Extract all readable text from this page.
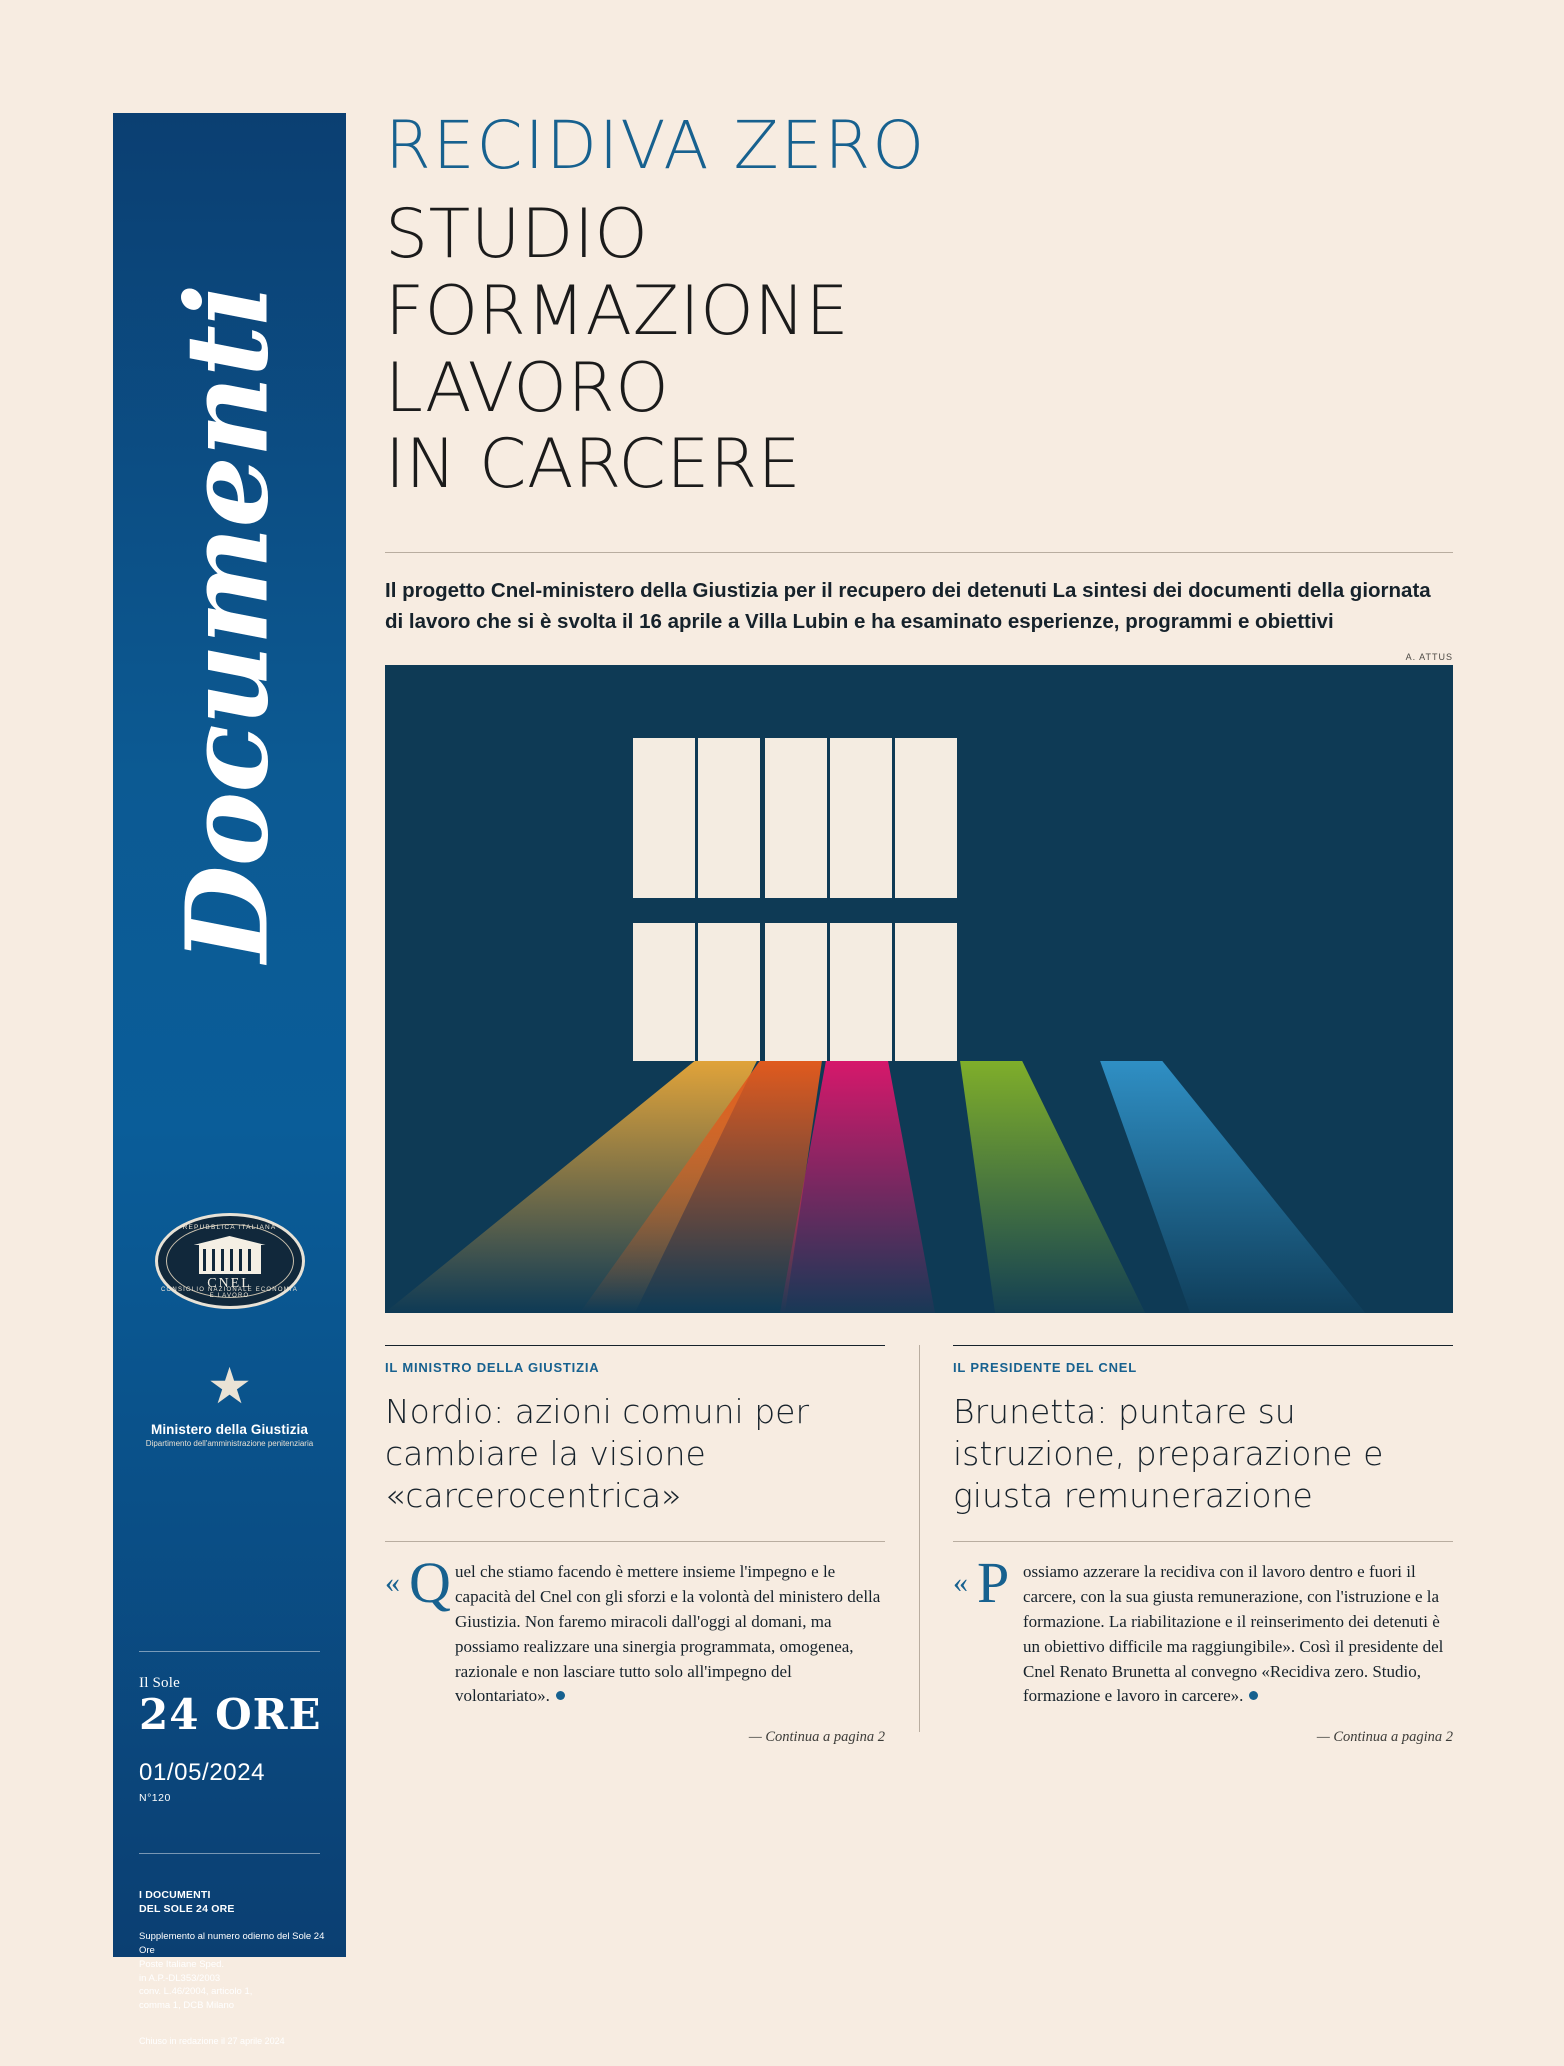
Documenti
REPUBBLICA ITALIANA
CNEL
CONSIGLIO NAZIONALE ECONOMIA E LAVORO
★
Ministero della Giustizia
Dipartimento dell'amministrazione penitenziaria
Il Sole
24 ORE
01/05/2024
N°120
I DOCUMENTI
DEL SOLE 24 ORE

Supplemento al numero odierno del Sole 24 Ore
Poste Italiane Sped.
in A.P.-DL353/2003
conv. L.46/2004, articolo 1,
comma 1, DCB Milano

Chiuso in redazione il 27 aprile 2024

RECIDIVA ZERO
STUDIO
FORMAZIONE
LAVORO
IN CARCERE

Il progetto Cnel-ministero della Giustizia per il recupero dei detenuti La sintesi dei documenti della giornata di lavoro che si è svolta il 16 aprile a Villa Lubin e ha esaminato esperienze, programmi e obiettivi

A. ATTUS
IL MINISTRO DELLA GIUSTIZIA
Nordio: azioni comuni per cambiare la visione «carcerocentrica»
« Q uel che stiamo facendo è mettere insieme l'impegno e le capacità del Cnel con gli sforzi e la volontà del ministero della Giustizia. Non faremo miracoli dall'oggi al domani, ma possiamo realizzare una sinergia programmata, omogenea, razionale e non lasciare tutto solo all'impegno del volontariato».

— Continua a pagina 2
IL PRESIDENTE DEL CNEL
Brunetta: puntare su istruzione, preparazione e giusta remunerazione
« P ossiamo azzerare la recidiva con il lavoro dentro e fuori il carcere, con la sua giusta remunerazione, con l'istruzione e la formazione. La riabilitazione e il reinserimento dei detenuti è un obiettivo difficile ma raggiungibile». Così il presidente del Cnel Renato Brunetta al convegno «Recidiva zero. Studio, formazione e lavoro in carcere».

— Continua a pagina 2
